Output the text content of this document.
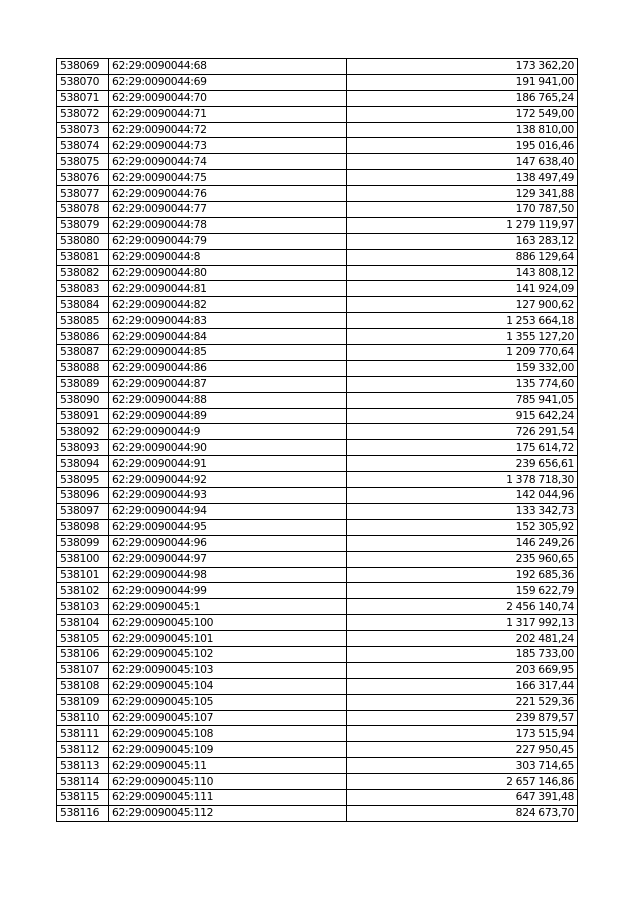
538069	62:29:0090044:68	173 362,20
538070	62:29:0090044:69	191 941,00
538071	62:29:0090044:70	186 765,24
538072	62:29:0090044:71	172 549,00
538073	62:29:0090044:72	138 810,00
538074	62:29:0090044:73	195 016,46
538075	62:29:0090044:74	147 638,40
538076	62:29:0090044:75	138 497,49
538077	62:29:0090044:76	129 341,88
538078	62:29:0090044:77	170 787,50
538079	62:29:0090044:78	1 279 119,97
538080	62:29:0090044:79	163 283,12
538081	62:29:0090044:8	886 129,64
538082	62:29:0090044:80	143 808,12
538083	62:29:0090044:81	141 924,09
538084	62:29:0090044:82	127 900,62
538085	62:29:0090044:83	1 253 664,18
538086	62:29:0090044:84	1 355 127,20
538087	62:29:0090044:85	1 209 770,64
538088	62:29:0090044:86	159 332,00
538089	62:29:0090044:87	135 774,60
538090	62:29:0090044:88	785 941,05
538091	62:29:0090044:89	915 642,24
538092	62:29:0090044:9	726 291,54
538093	62:29:0090044:90	175 614,72
538094	62:29:0090044:91	239 656,61
538095	62:29:0090044:92	1 378 718,30
538096	62:29:0090044:93	142 044,96
538097	62:29:0090044:94	133 342,73
538098	62:29:0090044:95	152 305,92
538099	62:29:0090044:96	146 249,26
538100	62:29:0090044:97	235 960,65
538101	62:29:0090044:98	192 685,36
538102	62:29:0090044:99	159 622,79
538103	62:29:0090045:1	2 456 140,74
538104	62:29:0090045:100	1 317 992,13
538105	62:29:0090045:101	202 481,24
538106	62:29:0090045:102	185 733,00
538107	62:29:0090045:103	203 669,95
538108	62:29:0090045:104	166 317,44
538109	62:29:0090045:105	221 529,36
538110	62:29:0090045:107	239 879,57
538111	62:29:0090045:108	173 515,94
538112	62:29:0090045:109	227 950,45
538113	62:29:0090045:11	303 714,65
538114	62:29:0090045:110	2 657 146,86
538115	62:29:0090045:111	647 391,48
538116	62:29:0090045:112	824 673,70
